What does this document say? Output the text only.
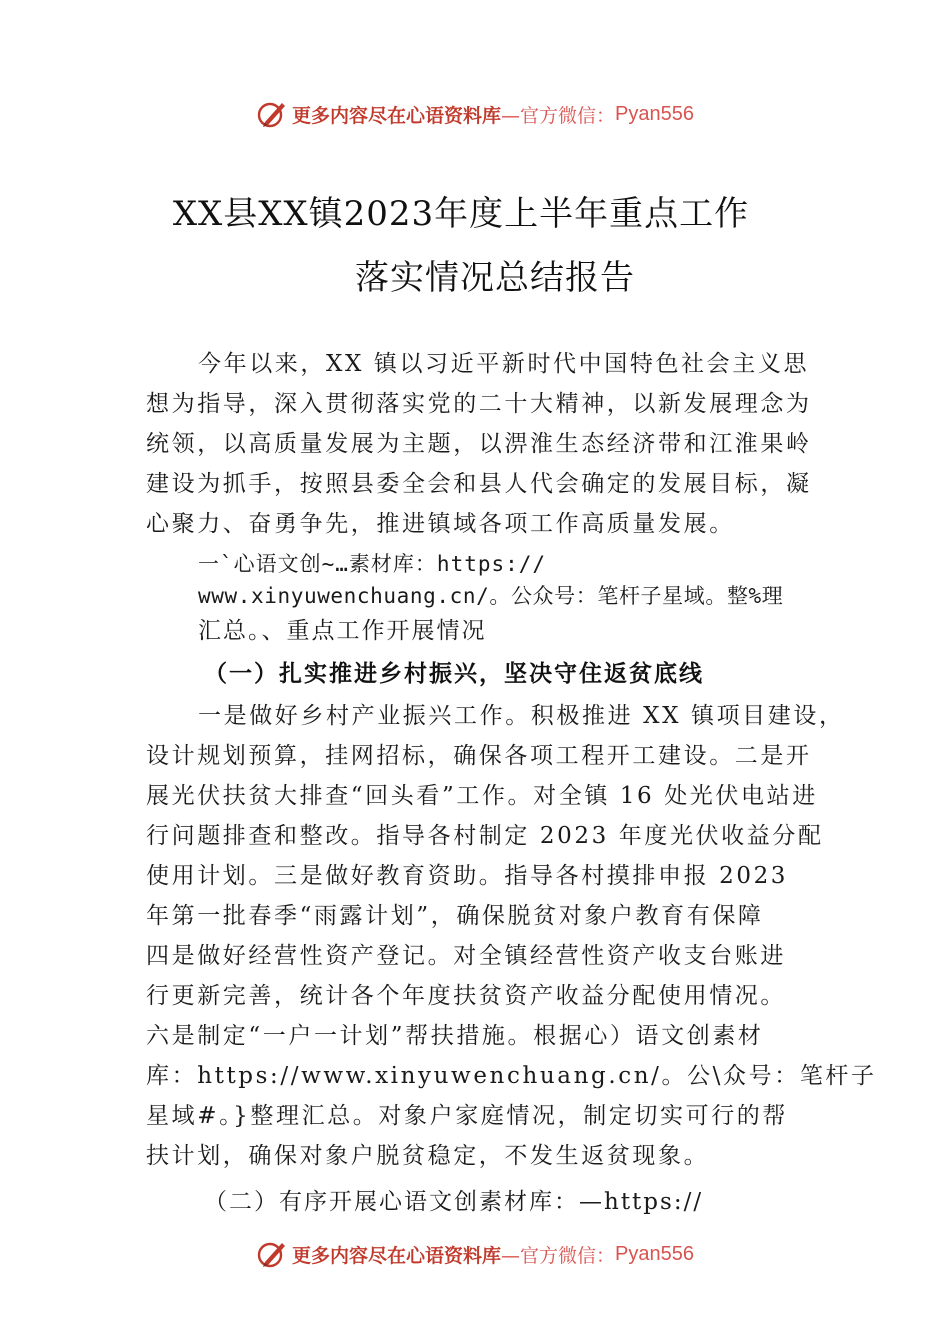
更多内容尽在心语资料库 —官方微信： Pyan556
XX县XX镇2023年度上半年重点工作
落实情况总结报告
今年以来，XX 镇以习近平新时代中国特色社会主义思
想为指导，深入贯彻落实党的二十大精神，以新发展理念为
统领，以高质量发展为主题，以淠淮生态经济带和江淮果岭
建设为抓手，按照县委全会和县人代会确定的发展目标，凝
心聚力、奋勇争先，推进镇域各项工作高质量发展。
一`心语文创~…素材库：https://
www.xinyuwenchuang.cn/。公众号：笔杆子星域。整%理
汇总。、重点工作开展情况
（一）扎实推进乡村振兴，坚决守住返贫底线
一是做好乡村产业振兴工作。积极推进 XX 镇项目建设，
设计规划预算，挂网招标，确保各项工程开工建设。二是开
展光伏扶贫大排查“回头看”工作。对全镇 16 处光伏电站进
行问题排查和整改。指导各村制定 2023 年度光伏收益分配
使用计划。三是做好教育资助。指导各村摸排申报 2023
年第一批春季“雨露计划”，确保脱贫对象户教育有保障
四是做好经营性资产登记。对全镇经营性资产收支台账进
行更新完善，统计各个年度扶贫资产收益分配使用情况。
六是制定“一户一计划”帮扶措施。根据心）语文创素材
库：https://www.xinyuwenchuang.cn/。公\众号：笔杆子
星域#。}整理汇总。对象户家庭情况，制定切实可行的帮
扶计划，确保对象户脱贫稳定，不发生返贫现象。
（二）有序开展心语文创素材库：—https://
更多内容尽在心语资料库 —官方微信： Pyan556
